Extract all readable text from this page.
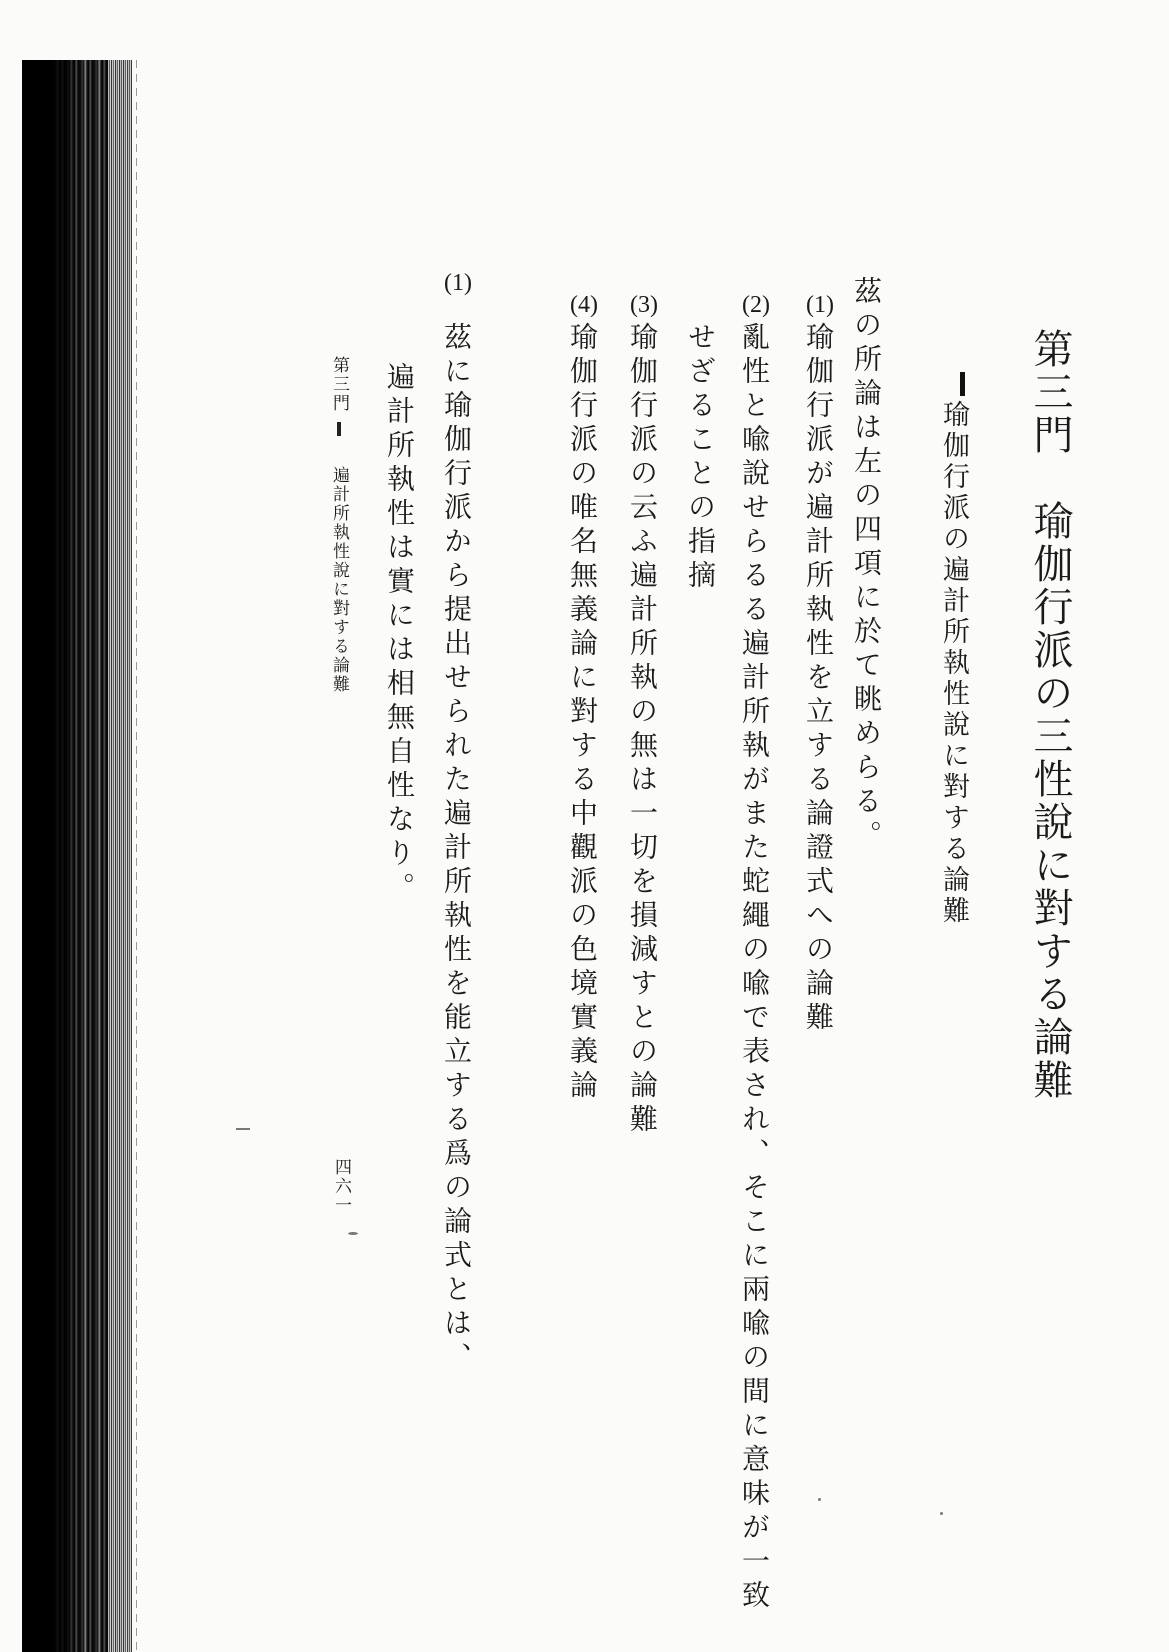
第三門　瑜伽行派の三性說に對する論難
瑜伽行派の遍計所執性說に對する論難
茲の所論は左の四項に於て眺めらる。
(1)
瑜伽行派が遍計所執性を立する論證式への論難
(2)
亂性と喩說せらるる遍計所執がまた蛇繩の喩で表され、そこに兩喩の間に意味が一致
せざることの指摘
(3)
瑜伽行派の云ふ遍計所執の無は一切を損減すとの論難
(4)
瑜伽行派の唯名無義論に對する中觀派の色境實義論
(1)
茲に瑜伽行派から提出せられた遍計所執性を能立する爲の論式とは、
遍計所執性は實には相無自性なり。
第三門
遍計所執性說に對する論難
四六一
